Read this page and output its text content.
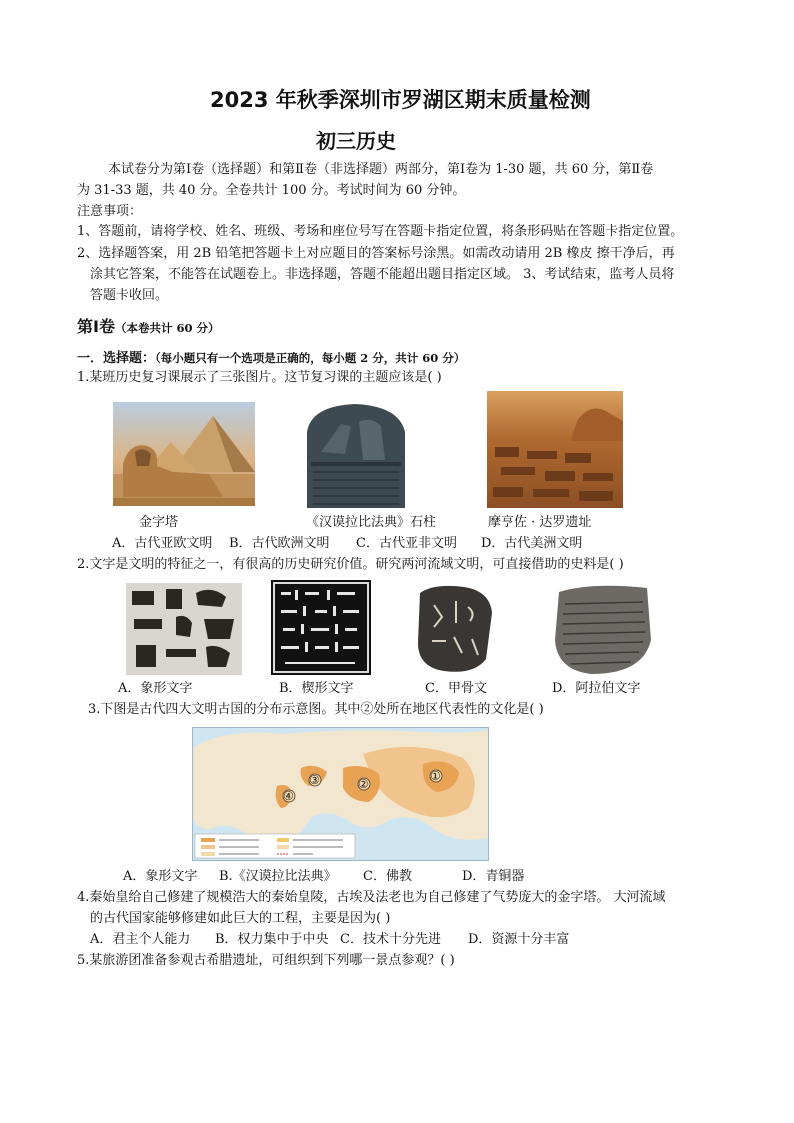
2023 年秋季深圳市罗湖区期末质量检测
初三历史
本试卷分为第Ⅰ卷（选择题）和第Ⅱ卷（非选择题）两部分，第Ⅰ卷为 1-30 题，共 60 分，第Ⅱ卷
为 31-33 题，共 40 分。全卷共计 100 分。考试时间为 60 分钟。
注意事项：
1、答题前，请将学校、姓名、班级、考场和座位号写在答题卡指定位置，将条形码贴在答题卡指定位置。
2、选择题答案，用 2B 铅笔把答题卡上对应题目的答案标号涂黑。如需改动请用 2B 橡皮 擦干净后，再
涂其它答案，不能答在试题卷上。非选择题，答题不能超出题目指定区域。 3、考试结束，监考人员将
答题卡收回。
第Ⅰ卷（本卷共计 60 分）
一．选择题：（每小题只有一个选项是正确的，每小题 2 分，共计 60 分）
1.某班历史复习课展示了三张图片。这节复习课的主题应该是( )
金字塔	《汉谟拉比法典》石柱	摩亨佐 · 达罗遗址
A．古代亚欧文明 B．古代欧洲文明 C．古代亚非文明 D．古代美洲文明
2.文字是文明的特征之一，有很高的历史研究价值。研究两河流域文明，可直接借助的史料是( )
A．象形文字	B．楔形文字	C．甲骨文	D．阿拉伯文字
3.下图是古代四大文明古国的分布示意图。其中②处所在地区代表性的文化是( )
①
②
③
④
A．象形文字 B.《汉谟拉比法典》 C．佛教	D．青铜器
4.秦始皇给自己修建了规模浩大的秦始皇陵，古埃及法老也为自己修建了气势庞大的金字塔。 大河流域
的古代国家能够修建如此巨大的工程，主要是因为( )
A．君主个人能力 B．权力集中于中央 C．技术十分先进 D．资源十分丰富
5.某旅游团准备参观古希腊遗址，可组织到下列哪一景点参观？( )
